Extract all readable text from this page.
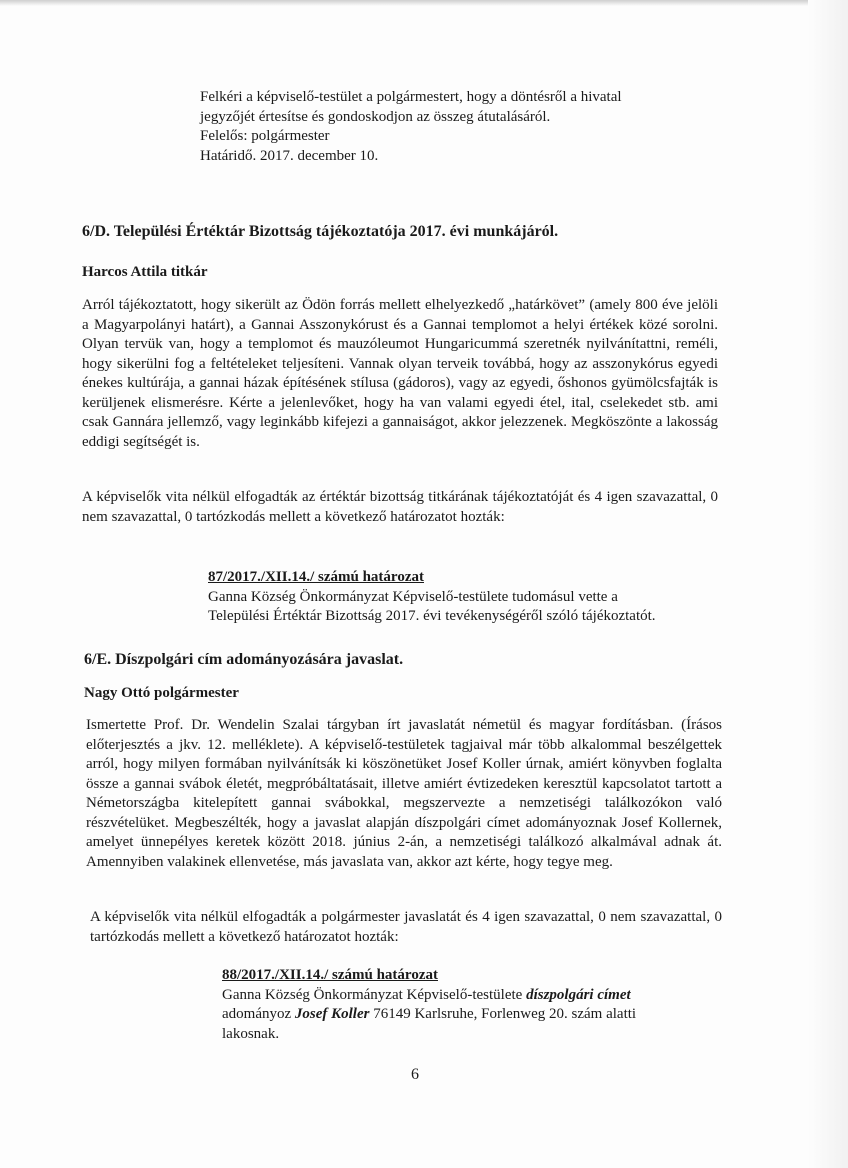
Felkéri a képviselő-testület a polgármestert, hogy a döntésről a hivatal
jegyzőjét értesítse és gondoskodjon az összeg átutalásáról.
Felelős: polgármester
Határidő. 2017. december 10.
6/D. Települési Értéktár Bizottság tájékoztatója 2017. évi munkájáról.
Harcos Attila titkár
Arról tájékoztatott, hogy sikerült az Ödön forrás mellett elhelyezkedő „határkövet” (amely 800 éve jelöli a Magyarpolányi határt), a Gannai Asszonykórust és a Gannai templomot a helyi értékek közé sorolni. Olyan tervük van, hogy a templomot és mauzóleumot Hungaricummá szeretnék nyilvánítattni, reméli, hogy sikerülni fog a feltételeket teljesíteni. Vannak olyan terveik továbbá, hogy az asszonykórus egyedi énekes kultúrája, a gannai házak építésének stílusa (gádoros), vagy az egyedi, őshonos gyümölcsfajták is kerüljenek elismerésre. Kérte a jelenlevőket, hogy ha van valami egyedi étel, ital, cselekedet stb. ami csak Gannára jellemző, vagy leginkább kifejezi a gannaiságot, akkor jelezzenek. Megköszönte a lakosság eddigi segítségét is.
A képviselők vita nélkül elfogadták az értéktár bizottság titkárának tájékoztatóját és 4 igen szavazattal, 0 nem szavazattal, 0 tartózkodás mellett a következő határozatot hozták:
87/2017./XII.14./ számú határozat
Ganna Község Önkormányzat Képviselő-testülete tudomásul vette a
Települési Értéktár Bizottság 2017. évi tevékenységéről szóló tájékoztatót.
6/E. Díszpolgári cím adományozására javaslat.
Nagy Ottó polgármester
Ismertette Prof. Dr. Wendelin Szalai tárgyban írt javaslatát németül és magyar fordításban. (Írásos előterjesztés a jkv. 12. melléklete). A képviselő-testületek tagjaival már több alkalommal beszélgettek arról, hogy milyen formában nyilvánítsák ki köszönetüket Josef Koller úrnak, amiért könyvben foglalta össze a gannai svábok életét, megpróbáltatásait, illetve amiért évtizedeken keresztül kapcsolatot tartott a Németországba kitelepített gannai svábokkal, megszervezte a nemzetiségi találkozókon való részvételüket. Megbeszélték, hogy a javaslat alapján díszpolgári címet adományoznak Josef Kollernek, amelyet ünnepélyes keretek között 2018. június 2-án, a nemzetiségi találkozó alkalmával adnak át. Amennyiben valakinek ellenvetése, más javaslata van, akkor azt kérte, hogy tegye meg.
A képviselők vita nélkül elfogadták a polgármester javaslatát és 4 igen szavazattal, 0 nem szavazattal, 0 tartózkodás mellett a következő határozatot hozták:
88/2017./XII.14./ számú határozat
Ganna Község Önkormányzat Képviselő-testülete díszpolgári címet
adományoz Josef Koller 76149 Karlsruhe, Forlenweg 20. szám alatti
lakosnak.
6
